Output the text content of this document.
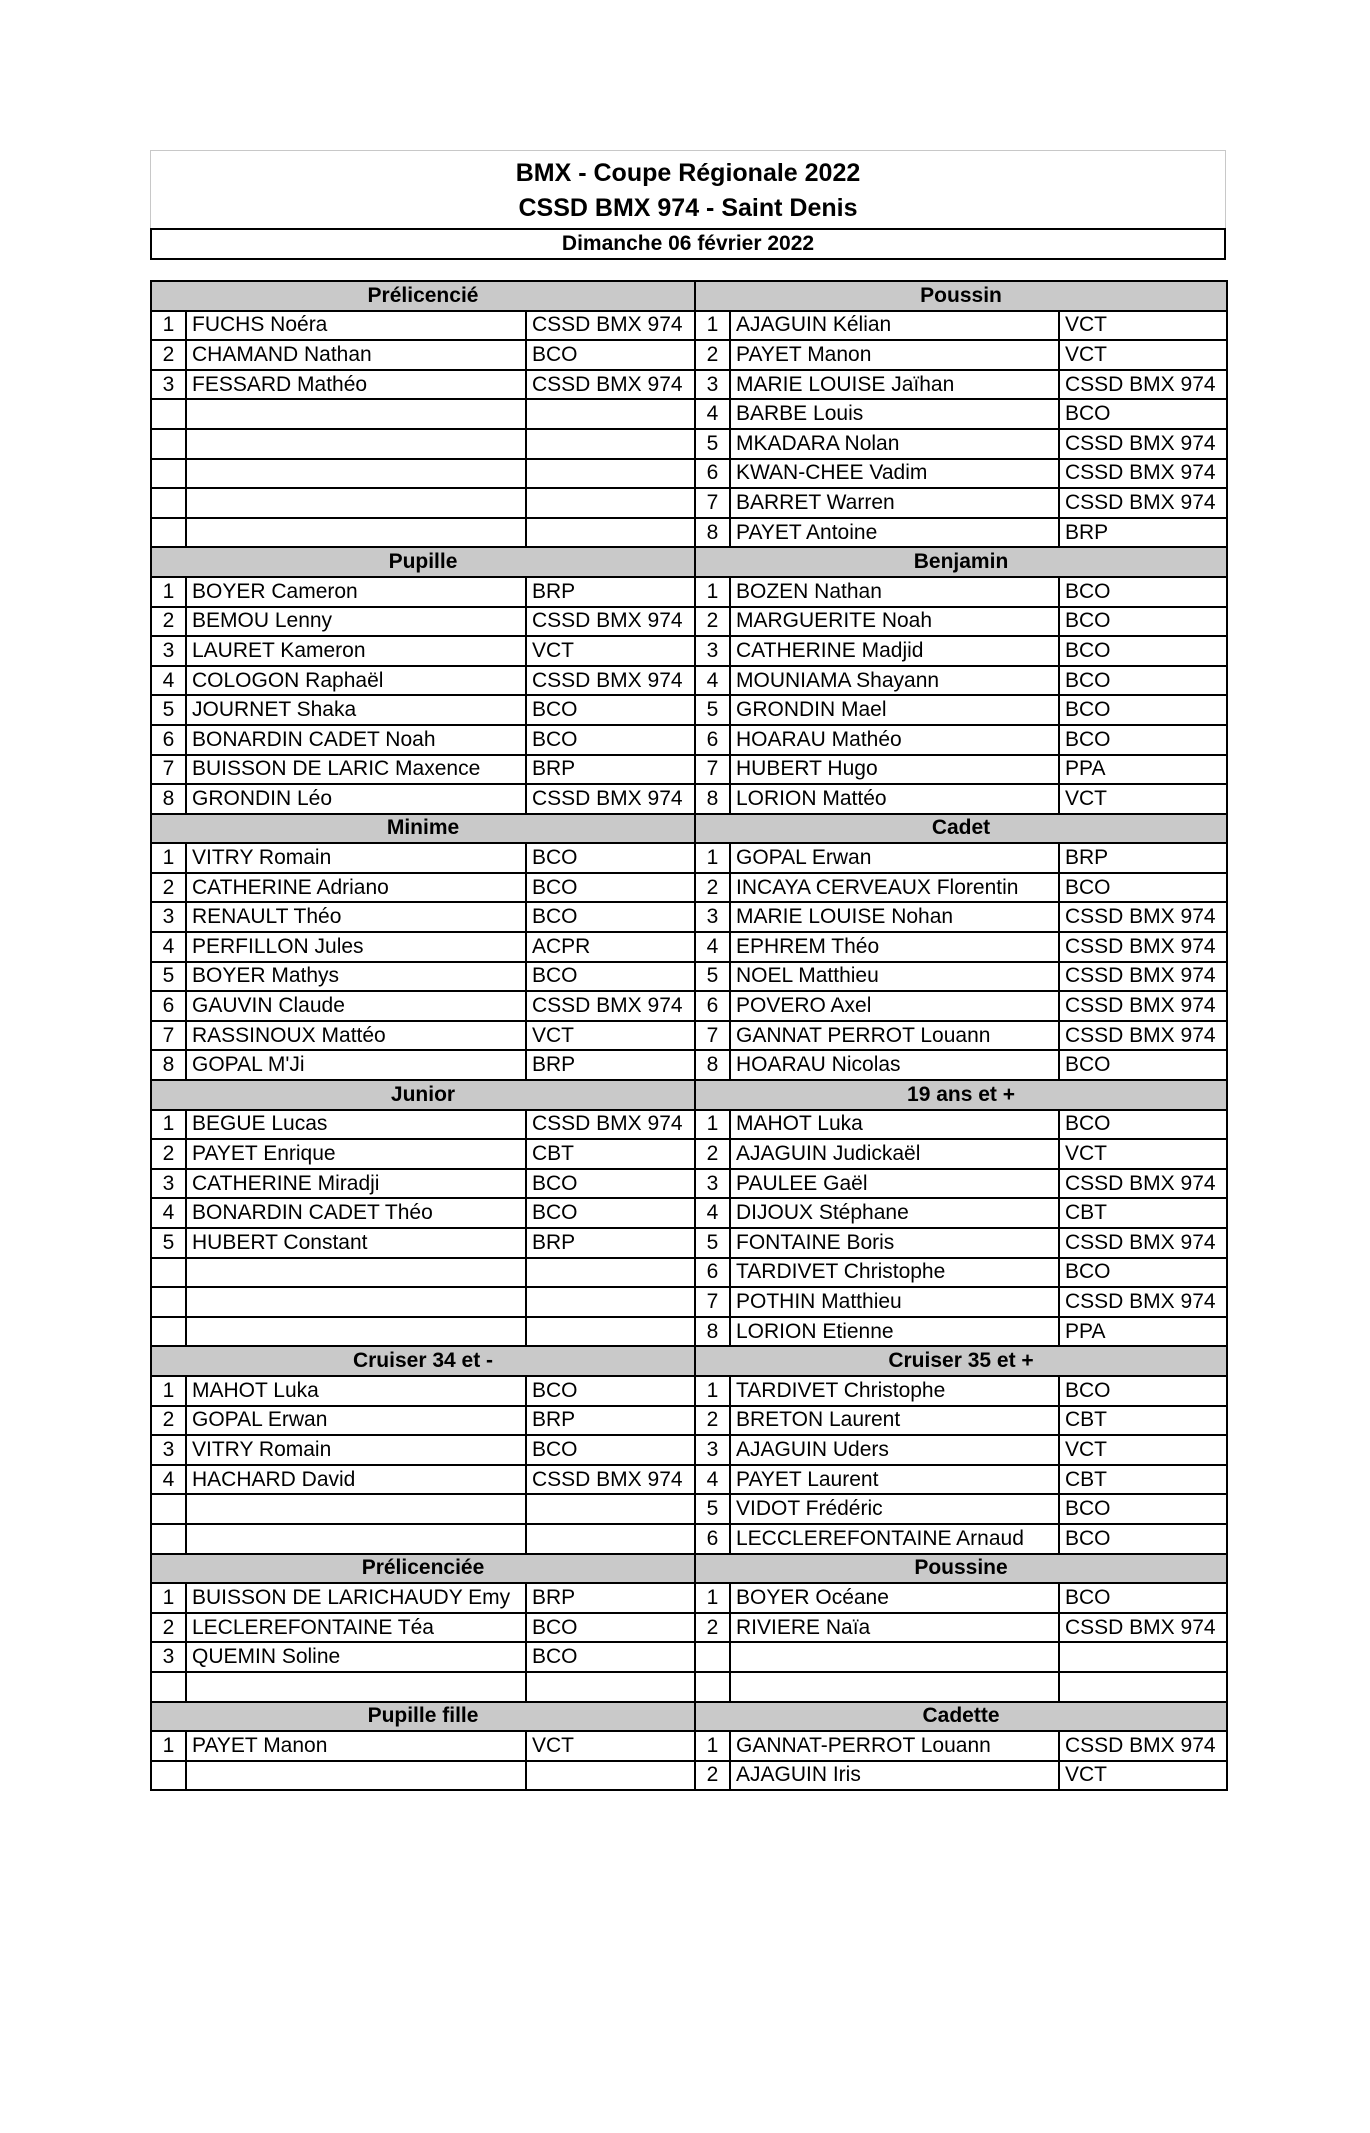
BMX - Coupe Régionale 2022
CSSD BMX 974 - Saint Denis
Dimanche 06 février 2022
Prélicencié			Poussin		
1	FUCHS Noéra	CSSD BMX 974	1	AJAGUIN Kélian	VCT
2	CHAMAND Nathan	BCO	2	PAYET Manon	VCT
3	FESSARD Mathéo	CSSD BMX 974	3	MARIE LOUISE Jaïhan	CSSD BMX 974
			4	BARBE Louis	BCO
			5	MKADARA Nolan	CSSD BMX 974
			6	KWAN-CHEE Vadim	CSSD BMX 974
			7	BARRET Warren	CSSD BMX 974
			8	PAYET Antoine	BRP
Pupille			Benjamin		
1	BOYER Cameron	BRP	1	BOZEN Nathan	BCO
2	BEMOU Lenny	CSSD BMX 974	2	MARGUERITE Noah	BCO
3	LAURET Kameron	VCT	3	CATHERINE Madjid	BCO
4	COLOGON Raphaël	CSSD BMX 974	4	MOUNIAMA Shayann	BCO
5	JOURNET Shaka	BCO	5	GRONDIN Mael	BCO
6	BONARDIN CADET Noah	BCO	6	HOARAU Mathéo	BCO
7	BUISSON DE LARIC Maxence	BRP	7	HUBERT Hugo	PPA
8	GRONDIN Léo	CSSD BMX 974	8	LORION Mattéo	VCT
Minime			Cadet		
1	VITRY Romain	BCO	1	GOPAL Erwan	BRP
2	CATHERINE Adriano	BCO	2	INCAYA CERVEAUX Florentin	BCO
3	RENAULT Théo	BCO	3	MARIE LOUISE Nohan	CSSD BMX 974
4	PERFILLON Jules	ACPR	4	EPHREM Théo	CSSD BMX 974
5	BOYER Mathys	BCO	5	NOEL Matthieu	CSSD BMX 974
6	GAUVIN Claude	CSSD BMX 974	6	POVERO Axel	CSSD BMX 974
7	RASSINOUX Mattéo	VCT	7	GANNAT PERROT Louann	CSSD BMX 974
8	GOPAL M'Ji	BRP	8	HOARAU Nicolas	BCO
Junior			19 ans et +		
1	BEGUE Lucas	CSSD BMX 974	1	MAHOT Luka	BCO
2	PAYET Enrique	CBT	2	AJAGUIN Judickaël	VCT
3	CATHERINE Miradji	BCO	3	PAULEE Gaël	CSSD BMX 974
4	BONARDIN CADET Théo	BCO	4	DIJOUX Stéphane	CBT
5	HUBERT Constant	BRP	5	FONTAINE Boris	CSSD BMX 974
			6	TARDIVET Christophe	BCO
			7	POTHIN Matthieu	CSSD BMX 974
			8	LORION Etienne	PPA
Cruiser 34 et -			Cruiser 35 et +		
1	MAHOT Luka	BCO	1	TARDIVET Christophe	BCO
2	GOPAL Erwan	BRP	2	BRETON Laurent	CBT
3	VITRY Romain	BCO	3	AJAGUIN Uders	VCT
4	HACHARD David	CSSD BMX 974	4	PAYET Laurent	CBT
			5	VIDOT Frédéric	BCO
			6	LECCLEREFONTAINE Arnaud	BCO
Prélicenciée			Poussine		
1	BUISSON DE LARICHAUDY Emy	BRP	1	BOYER Océane	BCO
2	LECLEREFONTAINE Téa	BCO	2	RIVIERE Naïa	CSSD BMX 974
3	QUEMIN Soline	BCO			

Pupille fille			Cadette		
1	PAYET Manon	VCT	1	GANNAT-PERROT Louann	CSSD BMX 974
			2	AJAGUIN Iris	VCT
